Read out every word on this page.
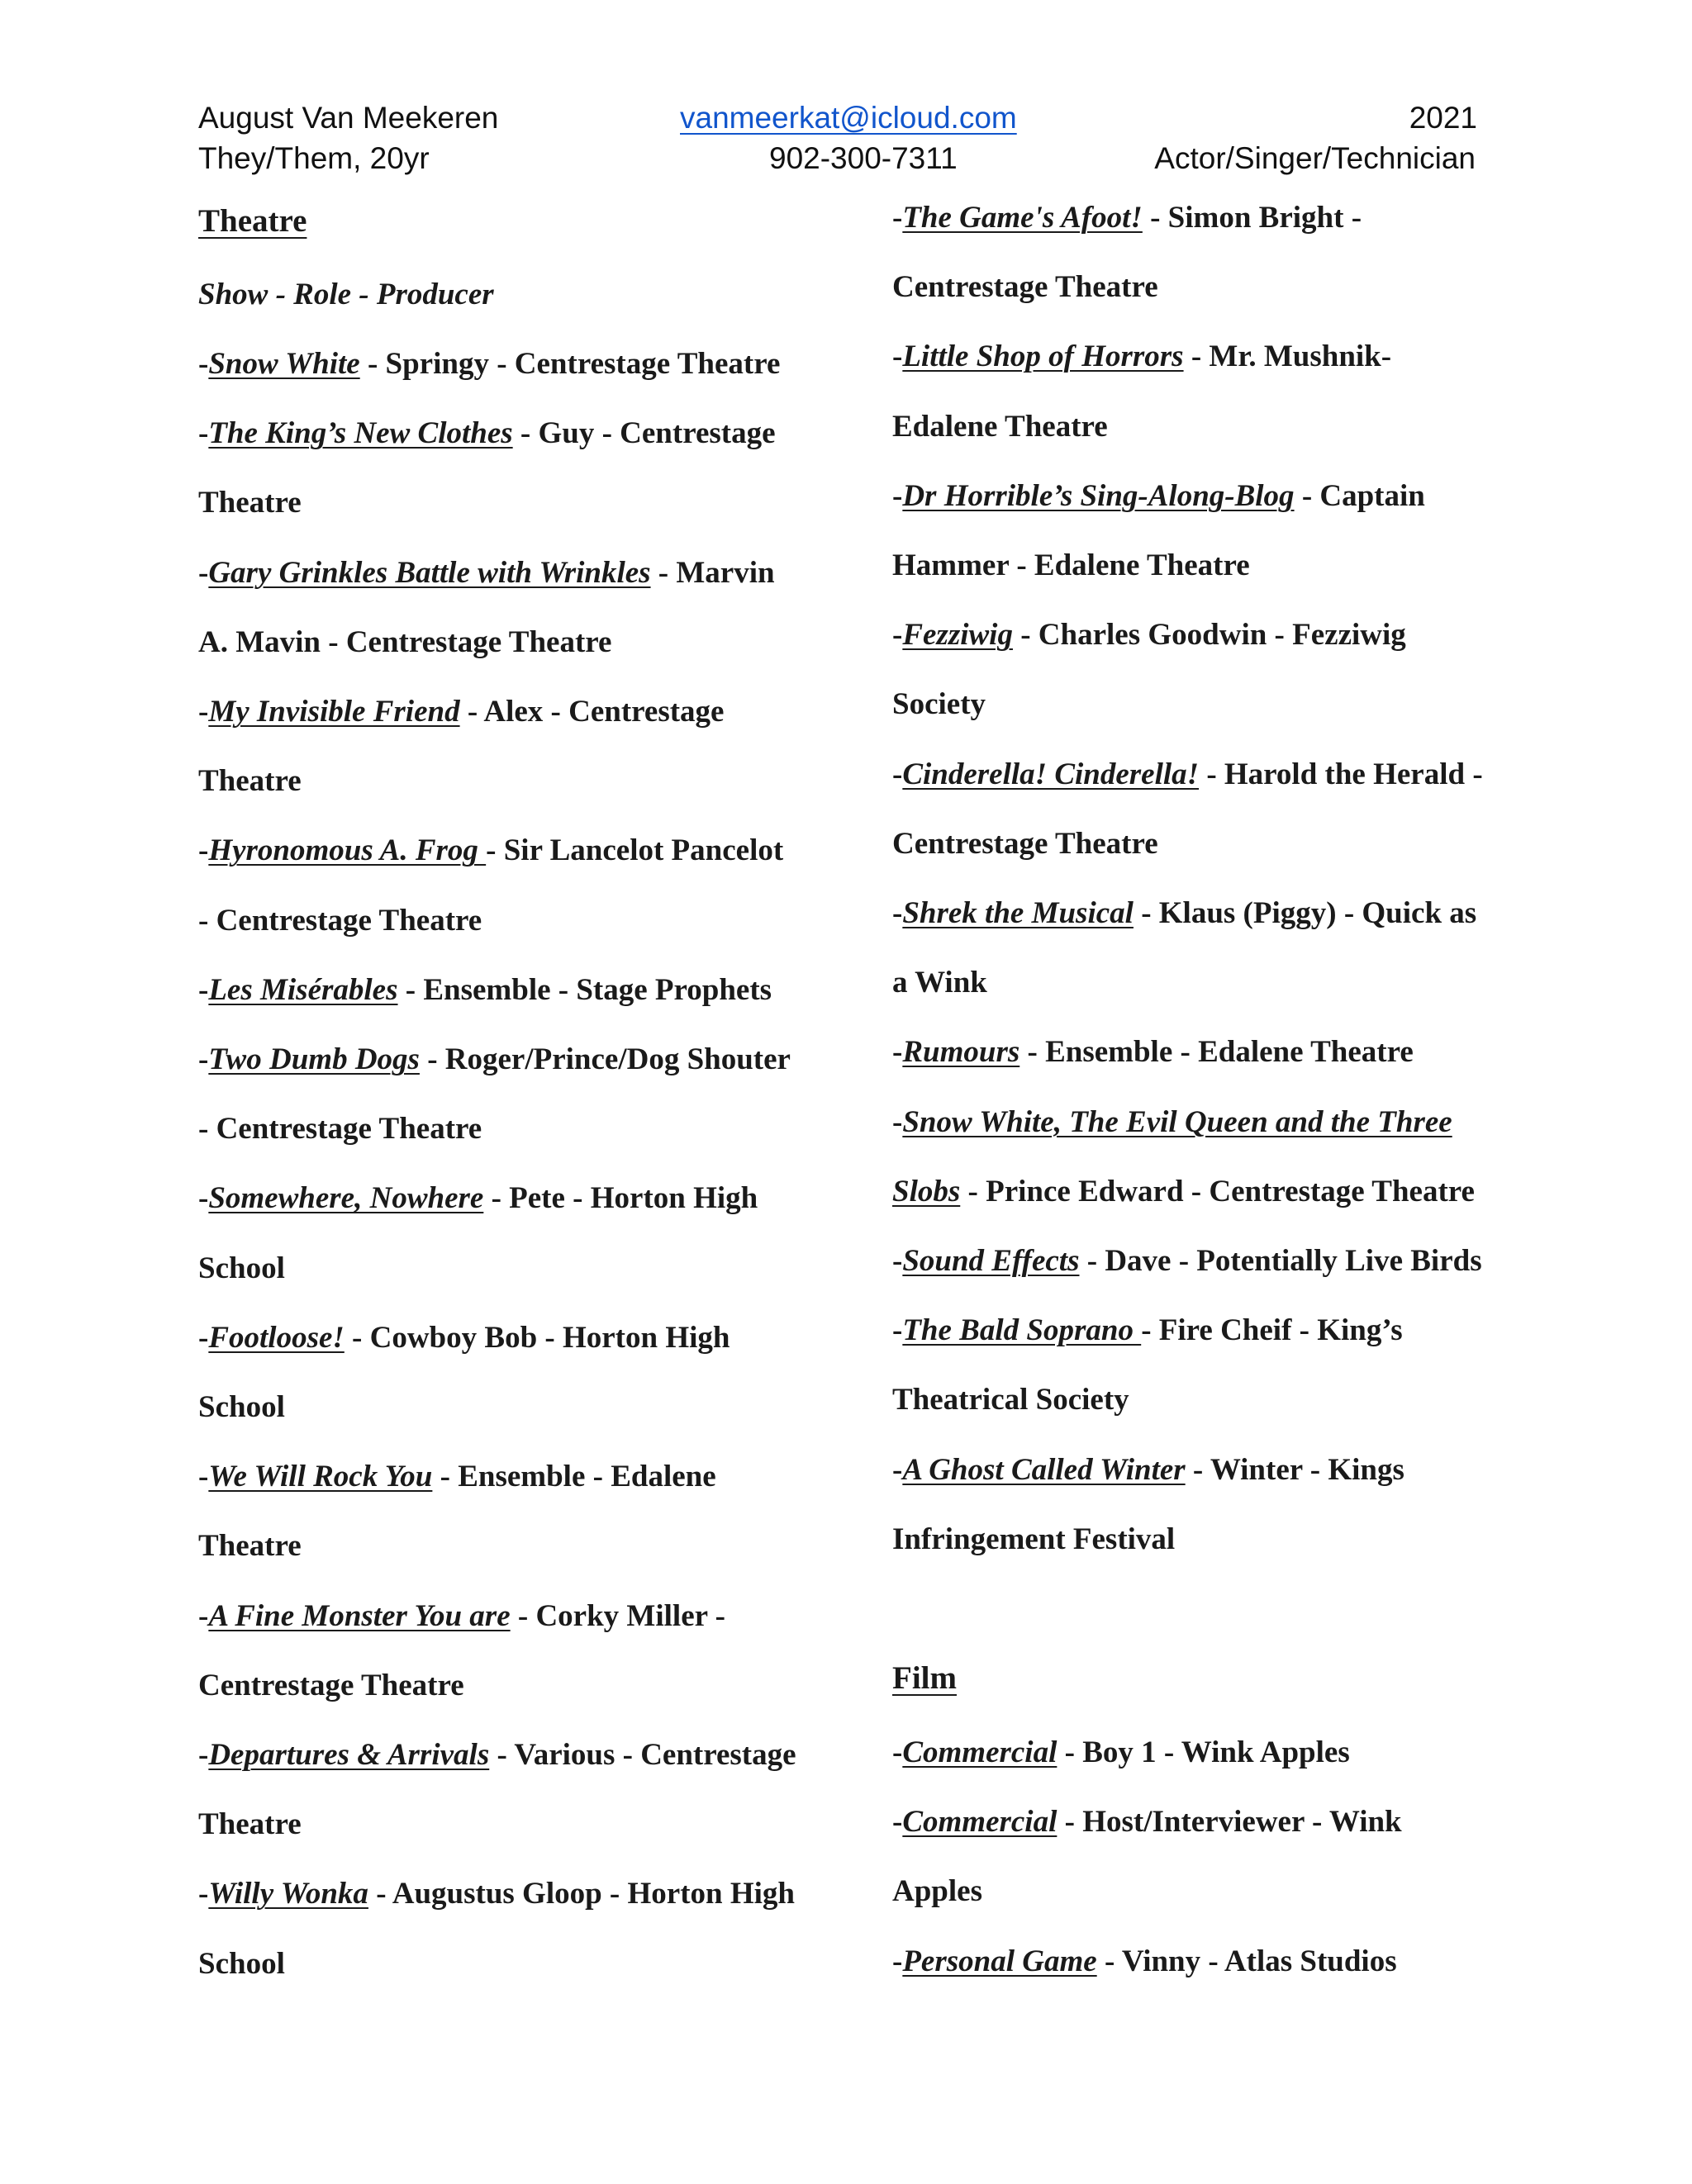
August Van Meekeren
They/Them, 20yr
vanmeerkat@icloud.com
902-300-7311
2021
Actor/Singer/Technician
Theatre
Show - Role - Producer
-Snow White - Springy - Centrestage Theatre
-The King’s New Clothes - Guy - Centrestage
Theatre
-Gary Grinkles Battle with Wrinkles - Marvin
A. Mavin - Centrestage Theatre
-My Invisible Friend - Alex - Centrestage
Theatre
-Hyronomous A. Frog - Sir Lancelot Pancelot
- Centrestage Theatre
-Les Misérables - Ensemble - Stage Prophets
-Two Dumb Dogs - Roger/Prince/Dog Shouter
- Centrestage Theatre
-Somewhere, Nowhere - Pete - Horton High
School
-Footloose! - Cowboy Bob - Horton High
School
-We Will Rock You - Ensemble - Edalene
Theatre
-A Fine Monster You are - Corky Miller -
Centrestage Theatre
-Departures & Arrivals - Various - Centrestage
Theatre
-Willy Wonka - Augustus Gloop - Horton High
School
Film
-The Game's Afoot! - Simon Bright -
Centrestage Theatre
-Little Shop of Horrors - Mr. Mushnik-
Edalene Theatre
-Dr Horrible’s Sing-Along-Blog - Captain
Hammer - Edalene Theatre
-Fezziwig - Charles Goodwin - Fezziwig
Society
-Cinderella! Cinderella! - Harold the Herald -
Centrestage Theatre
-Shrek the Musical - Klaus (Piggy) - Quick as
a Wink
-Rumours - Ensemble - Edalene Theatre
-Snow White, The Evil Queen and the Three
Slobs - Prince Edward - Centrestage Theatre
-Sound Effects - Dave - Potentially Live Birds
-The Bald Soprano - Fire Cheif - King’s
Theatrical Society
-A Ghost Called Winter - Winter - Kings
Infringement Festival
-Commercial - Boy 1 - Wink Apples
-Commercial - Host/Interviewer - Wink
Apples
-Personal Game - Vinny - Atlas Studios
